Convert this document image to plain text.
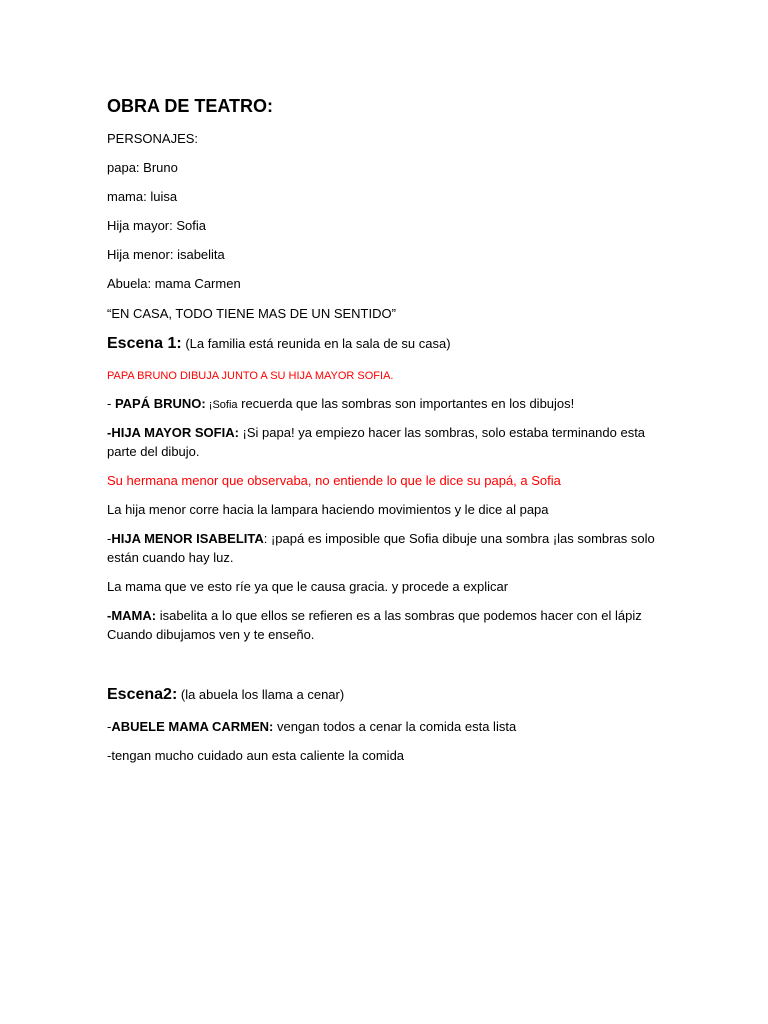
OBRA DE TEATRO:
PERSONAJES:
papa: Bruno
mama: luisa
Hija mayor: Sofia
Hija menor: isabelita
Abuela: mama Carmen
“EN CASA, TODO TIENE MAS DE UN SENTIDO”
Escena 1: (La familia está reunida en la sala de su casa)
PAPA BRUNO DIBUJA JUNTO A SU HIJA MAYOR SOFIA.
- PAPÁ BRUNO: ¡Sofia recuerda que las sombras son importantes en los dibujos!
-HIJA MAYOR SOFIA: ¡Si papa! ya empiezo hacer las sombras, solo estaba terminando esta parte del dibujo.
Su hermana menor que observaba, no entiende lo que le dice su papá, a Sofia
La hija menor corre hacia la lampara haciendo movimientos y le dice al papa
-HIJA MENOR ISABELITA: ¡papá es imposible que Sofia dibuje una sombra ¡las sombras solo están cuando hay luz.
La mama que ve esto ríe ya que le causa gracia. y procede a explicar
-MAMA: isabelita a lo que ellos se refieren es a las sombras que podemos hacer con el lápiz Cuando dibujamos ven y te enseño.
Escena2: (la abuela los llama a cenar)
-ABUELE MAMA CARMEN: vengan todos a cenar la comida esta lista
-tengan mucho cuidado aun esta caliente la comida
